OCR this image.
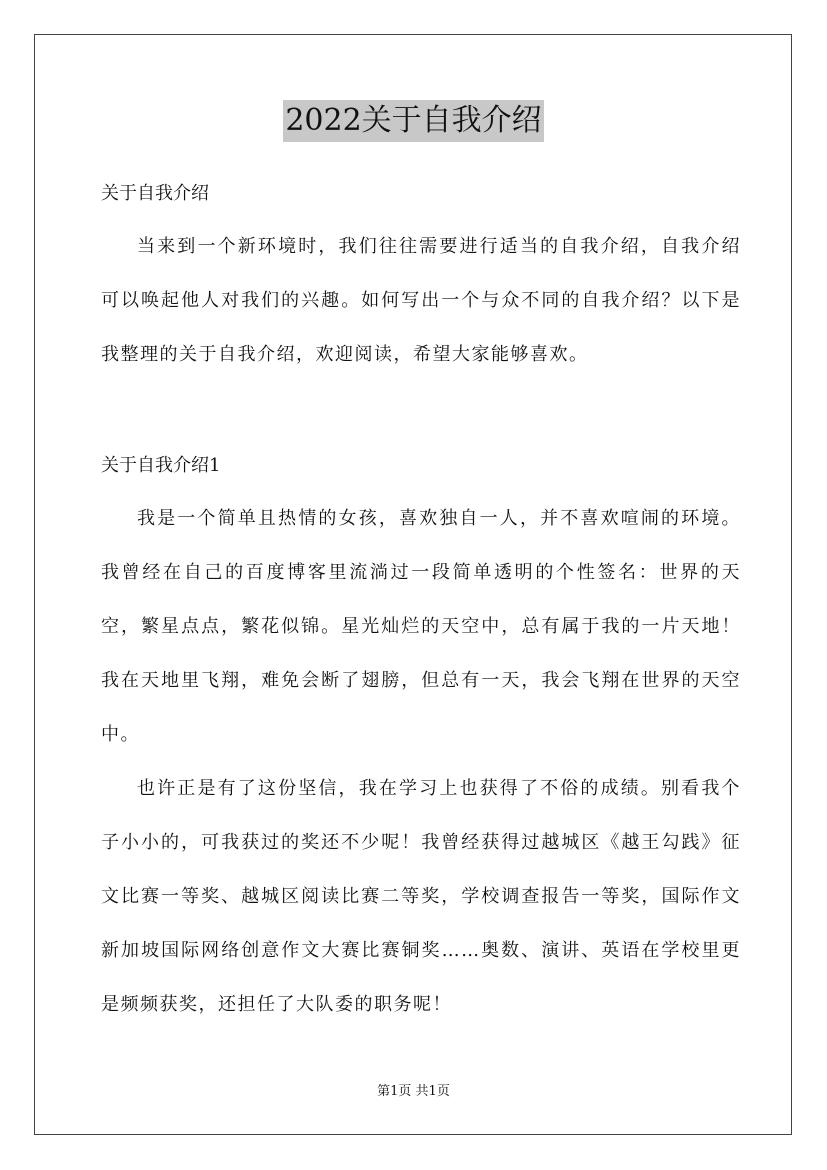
2022关于自我介绍
关于自我介绍
当来到一个新环境时，我们往往需要进行适当的自我介绍，自我介绍可以唤起他人对我们的兴趣。如何写出一个与众不同的自我介绍？以下是我整理的关于自我介绍，欢迎阅读，希望大家能够喜欢。
关于自我介绍1
我是一个简单且热情的女孩，喜欢独自一人，并不喜欢喧闹的环境。我曾经在自己的百度博客里流淌过一段简单透明的个性签名：世界的天空，繁星点点，繁花似锦。星光灿烂的天空中，总有属于我的一片天地！我在天地里飞翔，难免会断了翅膀，但总有一天，我会飞翔在世界的天空中。
也许正是有了这份坚信，我在学习上也获得了不俗的成绩。别看我个子小小的，可我获过的奖还不少呢！我曾经获得过越城区《越王勾践》征文比赛一等奖、越城区阅读比赛二等奖，学校调查报告一等奖，国际作文新加坡国际网络创意作文大赛比赛铜奖……奥数、演讲、英语在学校里更是频频获奖，还担任了大队委的职务呢！
第1页 共1页
